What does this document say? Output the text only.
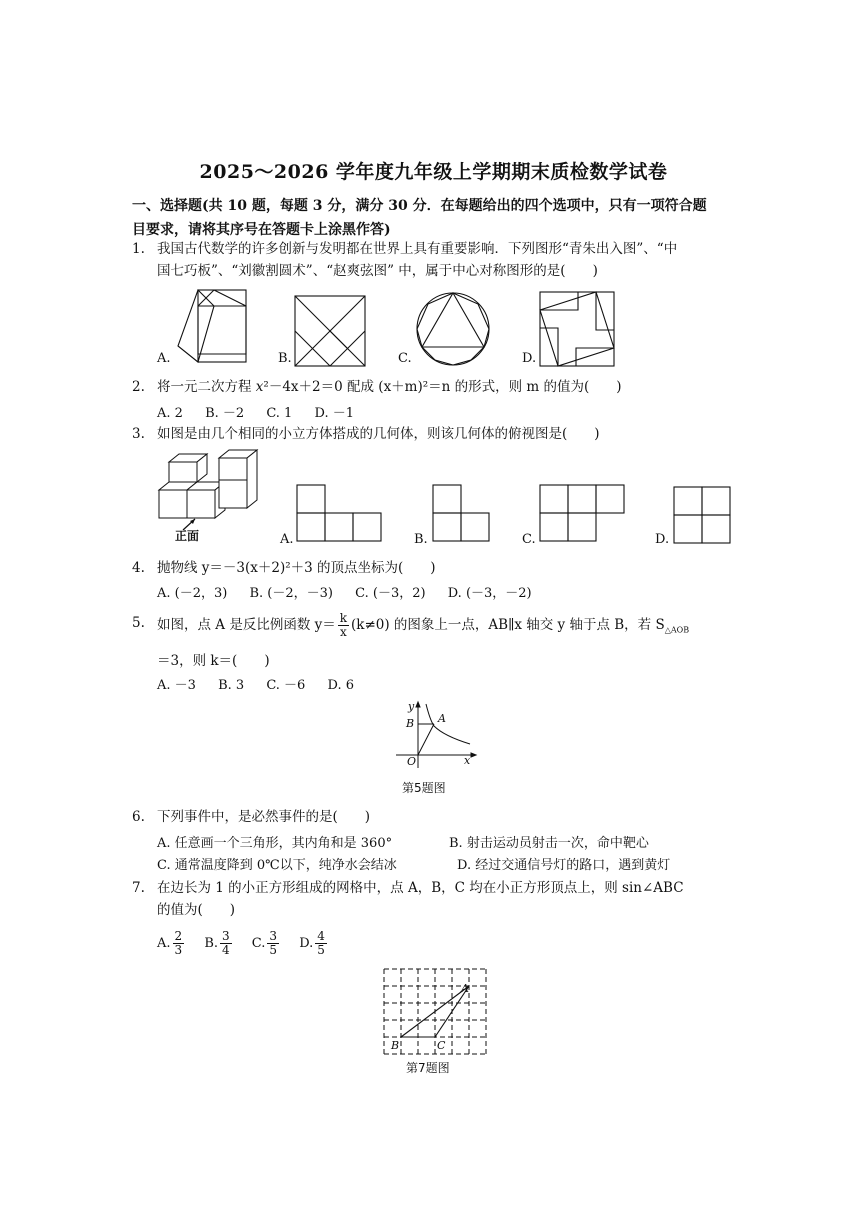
2025～2026 学年度九年级上学期期末质检数学试卷
一、选择题(共 10 题，每题 3 分，满分 30 分．在每题给出的四个选项中，只有一项符合题
目要求，请将其序号在答题卡上涂黑作答)
1. 我国古代数学的许多创新与发明都在世界上具有重要影响．下列图形“青朱出入图”、“中
国七巧板”、“刘徽割圆术”、“赵爽弦图” 中，属于中心对称图形的是(　　)
A.	B.	C.	D.
2. 将一元二次方程 x²－4x＋2＝0 配成 (x＋m)²＝n 的形式，则 m 的值为(　　)
A. 2 B. －2 C. 1 D. －1
3. 如图是由几个相同的小立方体搭成的几何体，则该几何体的俯视图是(　　)
正面	A.	B.	C.	D.
4. 抛物线 y＝－3(x＋2)²＋3 的顶点坐标为(　　)
A. (－2，3) B. (－2，－3) C. (－3，2) D. (－3，－2)
5. 如图，点 A 是反比例函数 $y= \frac{k}{x} (k\ne 0)$ 的图象上一点，AB∥x 轴交 y 轴于点 B，若 $S_{\triangle AOB}$
＝3，则 k＝(　　)
A. －3 B. 3 C. －6 D. 6
y
x
O
B A
第5题图
6. 下列事件中，是必然事件的是(　　)
A. 任意画一个三角形，其内角和是 360°	B. 射击运动员射击一次，命中靶心
C. 通常温度降到 0℃以下，纯净水会结冰	D. 经过交通信号灯的路口，遇到黄灯
7. 在边长为 1 的小正方形组成的网格中，点 A，B，C 均在小正方形顶点上，则 sin∠ABC
的值为(　　)
A. $\frac{2}{3} B$. $\frac{3}{4} C$. $\frac{3}{5} D$. $\frac{4}{5}$
A
B	C
第7题图
